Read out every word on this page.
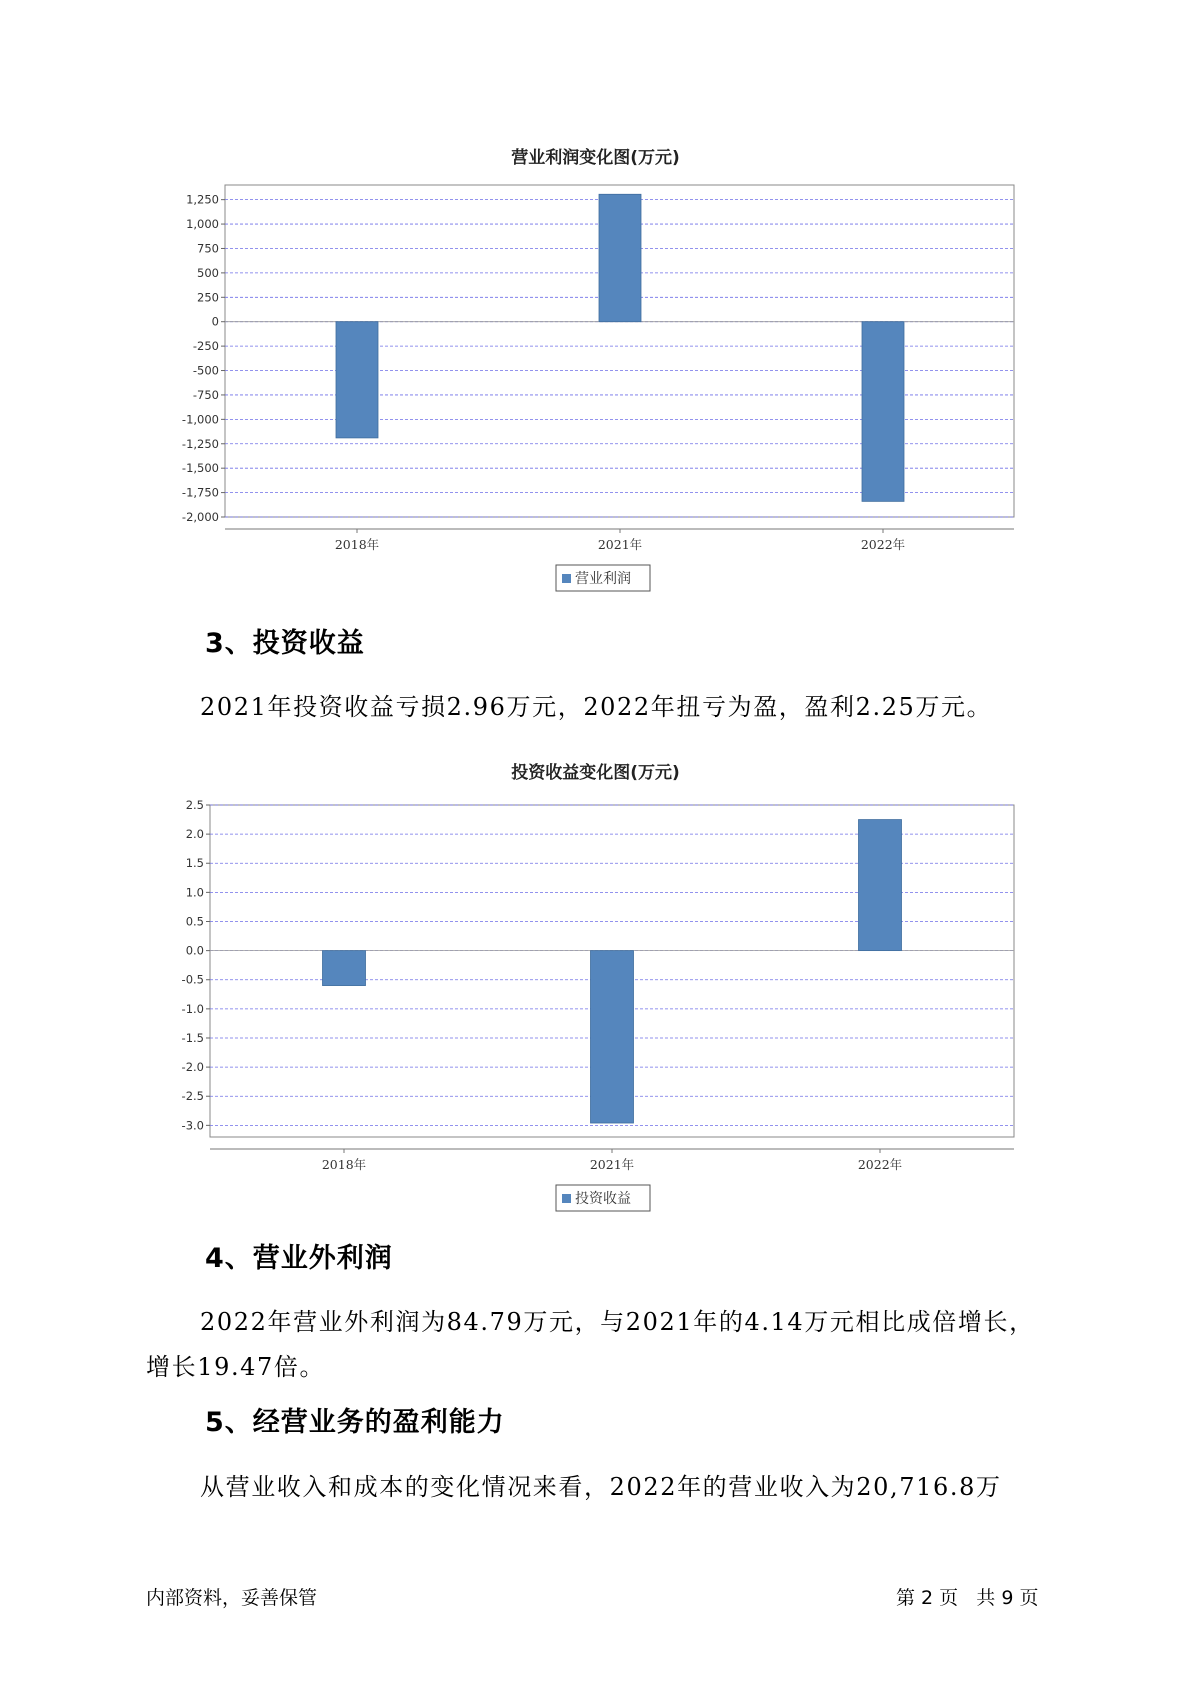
营业利润变化图(万元)
1,250
1,000
750
500
250
0
-250
-500
-750
-1,000
-1,250
-1,500
-1,750
-2,000
2018年	2021年	2022年
营业利润
3、投资收益
2021年投资收益亏损2.96万元，2022年扭亏为盈，盈利2.25万元。
投资收益变化图(万元)
2.5
2.0
1.5
1.0
0.5
0.0
-0.5
-1.0
-1.5
-2.0
-2.5
-3.0
2018年	2021年	2022年
投资收益
4、营业外利润
2022年营业外利润为84.79万元，与2021年的4.14万元相比成倍增长，
增长19.47倍。
5、经营业务的盈利能力
从营业收入和成本的变化情况来看，2022年的营业收入为20,716.8万
内部资料，妥善保管	第 2 页   共 9 页
